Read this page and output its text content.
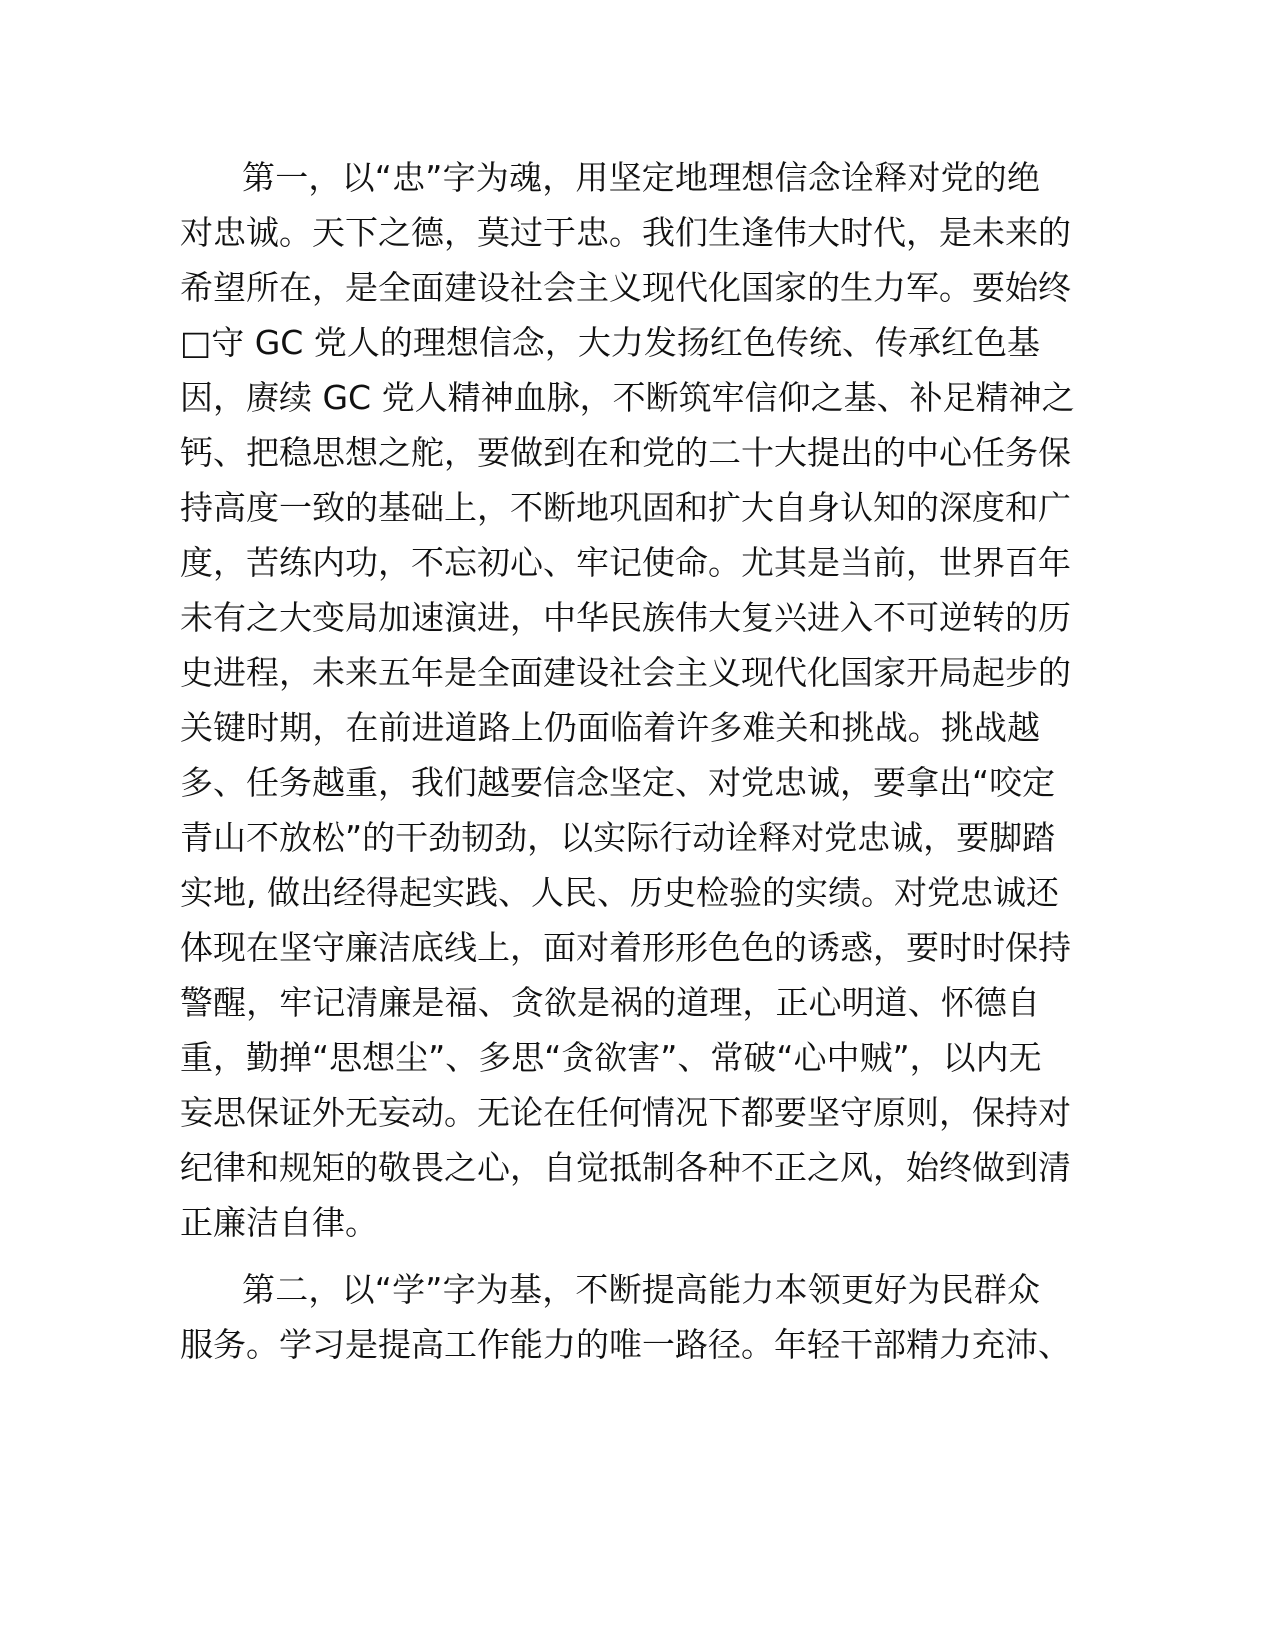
第一，以“忠”字为魂，用坚定地理想信念诠释对党的绝
对忠诚。天下之德，莫过于忠。我们生逢伟大时代，是未来的
希望所在，是全面建设社会主义现代化国家的生力军。要始终
□守 GC 党人的理想信念，大力发扬红色传统、传承红色基
因，赓续 GC 党人精神血脉，不断筑牢信仰之基、补足精神之
钙、把稳思想之舵，要做到在和党的二十大提出的中心任务保
持高度一致的基础上，不断地巩固和扩大自身认知的深度和广
度，苦练内功，不忘初心、牢记使命。尤其是当前，世界百年
未有之大变局加速演进，中华民族伟大复兴进入不可逆转的历
史进程，未来五年是全面建设社会主义现代化国家开局起步的
关键时期，在前进道路上仍面临着许多难关和挑战。挑战越
多、任务越重，我们越要信念坚定、对党忠诚，要拿出“咬定
青山不放松”的干劲韧劲，以实际行动诠释对党忠诚，要脚踏
实地, 做出经得起实践、人民、历史检验的实绩。对党忠诚还
体现在坚守廉洁底线上，面对着形形色色的诱惑，要时时保持
警醒，牢记清廉是福、贪欲是祸的道理，正心明道、怀德自
重，勤掸“思想尘”、多思“贪欲害”、常破“心中贼”，以内无
妄思保证外无妄动。无论在任何情况下都要坚守原则，保持对
纪律和规矩的敬畏之心，自觉抵制各种不正之风，始终做到清
正廉洁自律。
第二，以“学”字为基，不断提高能力本领更好为民群众
服务。学习是提高工作能力的唯一路径。年轻干部精力充沛、
